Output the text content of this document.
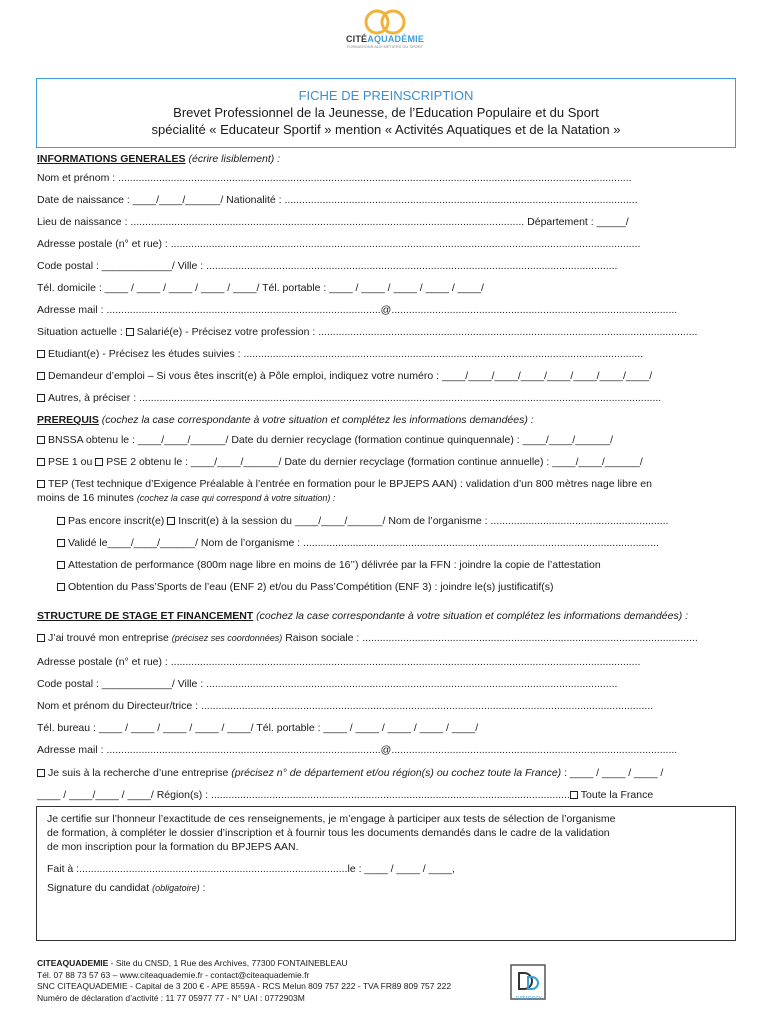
CITÉAQUADÉMIE
FORMATIONS AUX MÉTIERS DU SPORT
FICHE DE PREINSCRIPTION
Brevet Professionnel de la Jeunesse, de l’Education Populaire et du Sport
spécialité « Educateur Sportif » mention « Activités Aquatiques et de la Natation »
INFORMATIONS GENERALES (écrire lisiblement) :
Nom et prénom : ................................................................................................................................................................................
Date de naissance : ____/____/______/ Nationalité : .........................................................................................................................
Lieu de naissance : ....................................................................................................................................... Département : _____/
Adresse postale (n° et rue) : .................................................................................................................................................................
Code postal : ____________/ Ville : .............................................................................................................................................
Tél. domicile : ____ / ____ / ____ / ____ / ____/ Tél. portable : ____ / ____ / ____ / ____ / ____/
Adresse mail : ..............................................................................................@..................................................................................................
Situation actuelle : Salarié(e) - Précisez votre profession : ..................................................................................................................................
Etudiant(e) - Précisez les études suivies : .........................................................................................................................................
Demandeur d’emploi – Si vous êtes inscrit(e) à Pôle emploi, indiquez votre numéro : ____/____/____/____/____/____/____/____/
Autres, à préciser : ...................................................................................................................................................................................
PREREQUIS (cochez la case correspondante à votre situation et complétez les informations demandées) :
BNSSA obtenu le : ____/____/______/ Date du dernier recyclage (formation continue quinquennale) : ____/____/______/
PSE 1 ou PSE 2 obtenu le : ____/____/______/ Date du dernier recyclage (formation continue annuelle) : ____/____/______/
TEP (Test technique d’Exigence Préalable à l’entrée en formation pour le BPJEPS AAN) : validation d’un 800 mètres nage libre en
moins de 16 minutes (cochez la case qui correspond à votre situation) :
Pas encore inscrit(e) Inscrit(e) à la session du ____/____/______/ Nom de l’organisme : .............................................................
Validé le____/____/______/ Nom de l’organisme : ..........................................................................................................................
Attestation de performance (800m nage libre en moins de 16’’) délivrée par la FFN : joindre la copie de l’attestation
Obtention du Pass’Sports de l’eau (ENF 2) et/ou du Pass’Compétition (ENF 3) : joindre le(s) justificatif(s)
STRUCTURE DE STAGE ET FINANCEMENT (cochez la case correspondante à votre situation et complétez les informations demandées) :
J’ai trouvé mon entreprise (précisez ses coordonnées) Raison sociale : ...................................................................................................................
Adresse postale (n° et rue) : .................................................................................................................................................................
Code postal : ____________/ Ville : .............................................................................................................................................
Nom et prénom du Directeur/trice : ...........................................................................................................................................................
Tél. bureau : ____ / ____ / ____ / ____ / ____/ Tél. portable : ____ / ____ / ____ / ____ / ____/
Adresse mail : ..............................................................................................@..................................................................................................
Je suis à la recherche d’une entreprise (précisez n° de département et/ou région(s) ou cochez toute la France) : ____ / ____ / ____ /
____ / ____/____ / ____/ Région(s) : ........................................................................................................................... Toute la France
Je certifie sur l’honneur l’exactitude de ces renseignements, je m’engage à participer aux tests de sélection de l’organisme
de formation, à compléter le dossier d’inscription et à fournir tous les documents demandés dans le cadre de la validation
de mon inscription pour la formation du BPJEPS AAN.
Fait à :............................................................................................le : ____ / ____ / ____,
Signature du candidat (obligatoire) :
CITEAQUADEMIE - Site du CNSD, 1 Rue des Archives, 77300 FONTAINEBLEAU
Tél. 07 88 73 57 63 – www.citeaquademie.fr - contact@citeaquademie.fr
SNC CITEAQUADEMIE - Capital de 3 200 € - APE 8559A - RCS Melun 809 757 222 - TVA FR89 809 757 222
Numéro de déclaration d’activité : 11 77 05977 77 - N° UAI : 0772903M	DATADOCK
